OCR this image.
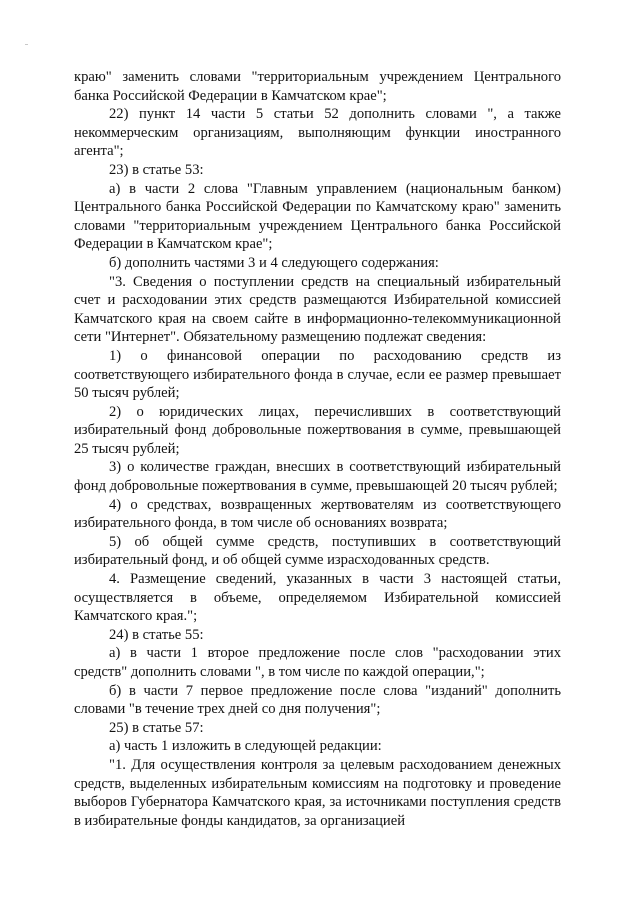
краю" заменить словами "территориальным учреждением Центрального банка Российской Федерации в Камчатском крае";

22) пункт 14 части 5 статьи 52 дополнить словами ", а также некоммерческим организациям, выполняющим функции иностранного агента";

23) в статье 53:

а) в части 2 слова "Главным управлением (национальным банком) Центрального банка Российской Федерации по Камчатскому краю" заменить словами "территориальным учреждением Центрального банка Российской Федерации в Камчатском крае";

б) дополнить частями 3 и 4 следующего содержания:

"3. Сведения о поступлении средств на специальный избирательный счет и расходовании этих средств размещаются Избирательной комиссией Камчатского края на своем сайте в информационно-телекоммуникационной сети "Интернет". Обязательному размещению подлежат сведения:

1) о финансовой операции по расходованию средств из соответствующего избирательного фонда в случае, если ее размер превышает 50 тысяч рублей;

2) о юридических лицах, перечисливших в соответствующий избирательный фонд добровольные пожертвования в сумме, превышающей 25 тысяч рублей;

3) о количестве граждан, внесших в соответствующий избирательный фонд добровольные пожертвования в сумме, превышающей 20 тысяч рублей;

4) о средствах, возвращенных жертвователям из соответствующего избирательного фонда, в том числе об основаниях возврата;

5) об общей сумме средств, поступивших в соответствующий избирательный фонд, и об общей сумме израсходованных средств.

4. Размещение сведений, указанных в части 3 настоящей статьи, осуществляется в объеме, определяемом Избирательной комиссией Камчатского края.";

24) в статье 55:

а) в части 1 второе предложение после слов "расходовании этих средств" дополнить словами ", в том числе по каждой операции,";

б) в части 7 первое предложение после слова "изданий" дополнить словами "в течение трех дней со дня получения";

25) в статье 57:

а) часть 1 изложить в следующей редакции:

"1. Для осуществления контроля за целевым расходованием денежных средств, выделенных избирательным комиссиям на подготовку и проведение выборов Губернатора Камчатского края, за источниками поступления средств в избирательные фонды кандидатов, за организацией
